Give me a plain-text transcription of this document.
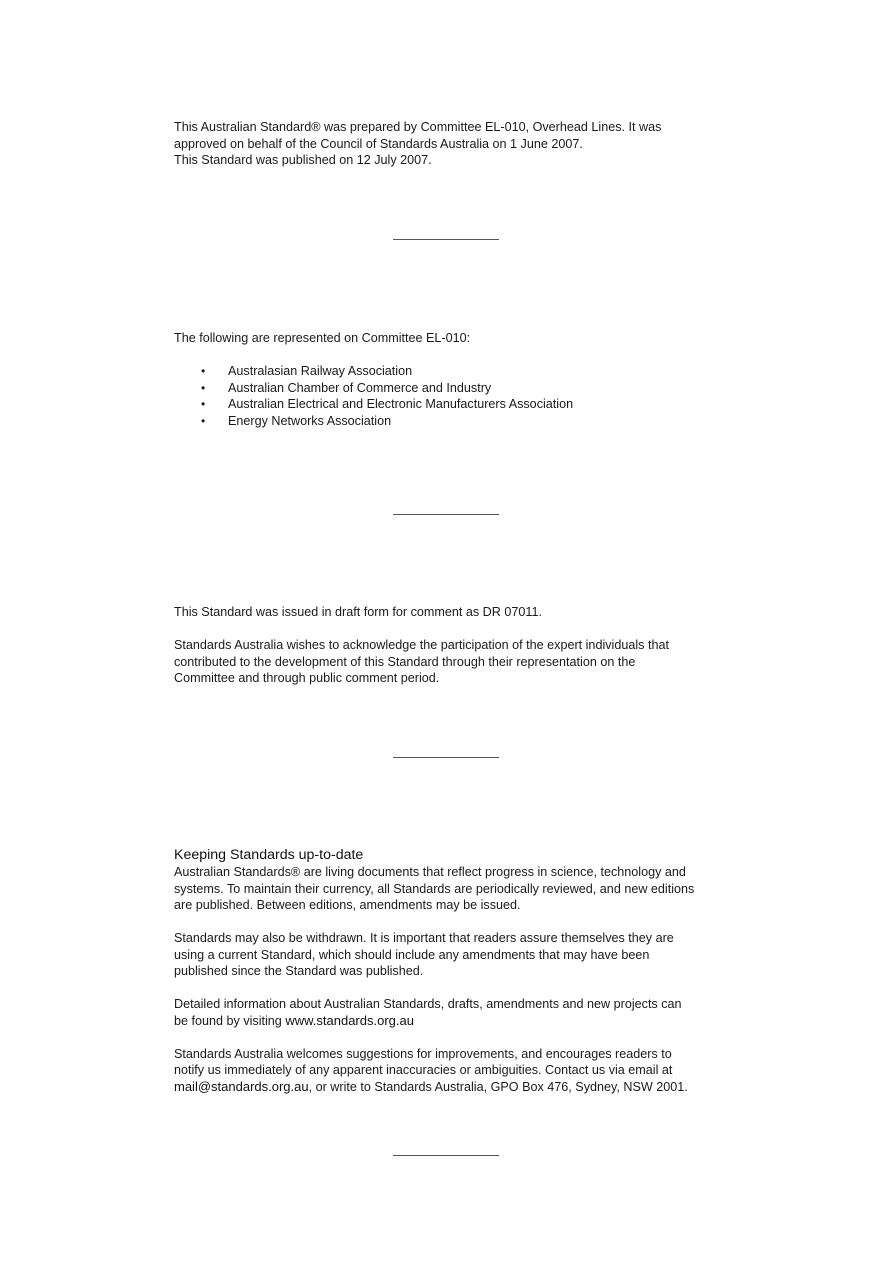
This Australian Standard® was prepared by Committee EL-010, Overhead Lines. It was

approved on behalf of the Council of Standards Australia on 1 June 2007.

This Standard was published on 12 July 2007.

The following are represented on Committee EL-010:

• Australasian Railway Association
• Australian Chamber of Commerce and Industry
• Australian Electrical and Electronic Manufacturers Association
• Energy Networks Association

This Standard was issued in draft form for comment as DR 07011.

Standards Australia wishes to acknowledge the participation of the expert individuals that

contributed to the development of this Standard through their representation on the

Committee and through public comment period.

Keeping Standards up-to-date

Australian Standards® are living documents that reflect progress in science, technology and

systems. To maintain their currency, all Standards are periodically reviewed, and new editions

are published. Between editions, amendments may be issued.

Standards may also be withdrawn. It is important that readers assure themselves they are

using a current Standard, which should include any amendments that may have been

published since the Standard was published.

Detailed information about Australian Standards, drafts, amendments and new projects can

be found by visiting www.standards.org.au

Standards Australia welcomes suggestions for improvements, and encourages readers to

notify us immediately of any apparent inaccuracies or ambiguities. Contact us via email at

mail@standards.org.au, or write to Standards Australia, GPO Box 476, Sydney, NSW 2001.
